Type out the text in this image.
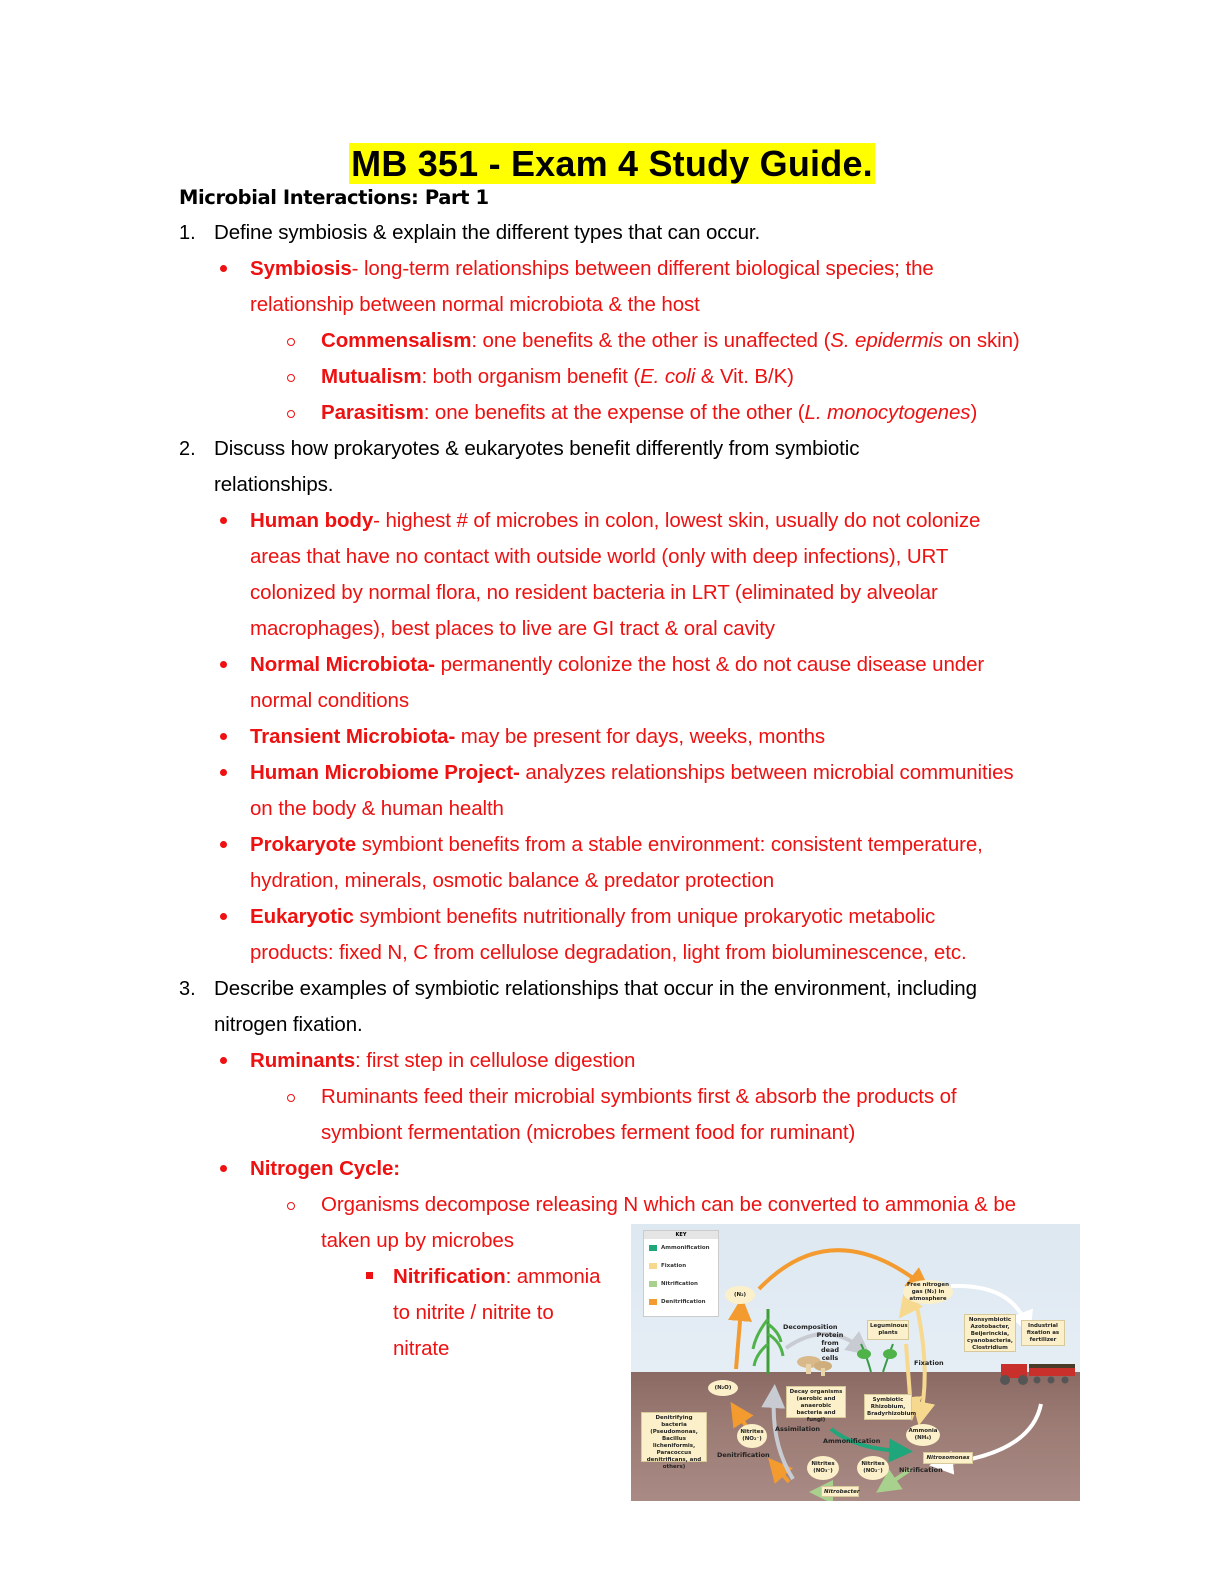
MB 351 - Exam 4 Study Guide.
Microbial Interactions: Part 1
1. Define symbiosis & explain the different types that can occur.
Symbiosis- long-term relationships between different biological species; the
relationship between normal microbiota & the host
Commensalism: one benefits & the other is unaffected (S. epidermis on skin)
Mutualism: both organism benefit (E. coli & Vit. B/K)
Parasitism: one benefits at the expense of the other (L. monocytogenes)
2. Discuss how prokaryotes & eukaryotes benefit differently from symbiotic
relationships.
Human body- highest # of microbes in colon, lowest skin, usually do not colonize
areas that have no contact with outside world (only with deep infections), URT
colonized by normal flora, no resident bacteria in LRT (eliminated by alveolar
macrophages), best places to live are GI tract & oral cavity
Normal Microbiota- permanently colonize the host & do not cause disease under
normal conditions
Transient Microbiota- may be present for days, weeks, months
Human Microbiome Project- analyzes relationships between microbial communities
on the body & human health
Prokaryote symbiont benefits from a stable environment: consistent temperature,
hydration, minerals, osmotic balance & predator protection
Eukaryotic symbiont benefits nutritionally from unique prokaryotic metabolic
products: fixed N, C from cellulose degradation, light from bioluminescence, etc.
3. Describe examples of symbiotic relationships that occur in the environment, including
nitrogen fixation.
Ruminants: first step in cellulose digestion
Ruminants feed their microbial symbionts first & absorb the products of
symbiont fermentation (microbes ferment food for ruminant)
Nitrogen Cycle:
Organisms decompose releasing N which can be converted to ammonia & be
taken up by microbes
Nitrification: ammonia
to nitrite / nitrite to
nitrate
KEY
Ammonification
Fixation
Nitrification
Denitrification
(N₂)
Free nitrogen gas (N₂) in atmosphere
Decomposition
Protein from dead cells
Leguminous plants
Nonsymbiotic Azotobacter, Beijerinckia, cyanobacteria, Clostridium
Industrial fixation as fertilizer
Fixation
(N₂O)
Decay organisms (aerobic and anaerobic bacteria and fungi)
Symbiotic Rhizobium, Bradyrhizobium
Denitrifying bacteria (Pseudomonas, Bacillus licheniformis, Paracoccus denitrificans, and others)
Assimilation
Ammonification
Ammonia (NH₄)
Nitrites (NO₂⁻)
Denitrification
Nitrites (NO₃⁻)
Nitrites (NO₂⁻)
Nitrosomonas
Nitrification
Nitrobacter
